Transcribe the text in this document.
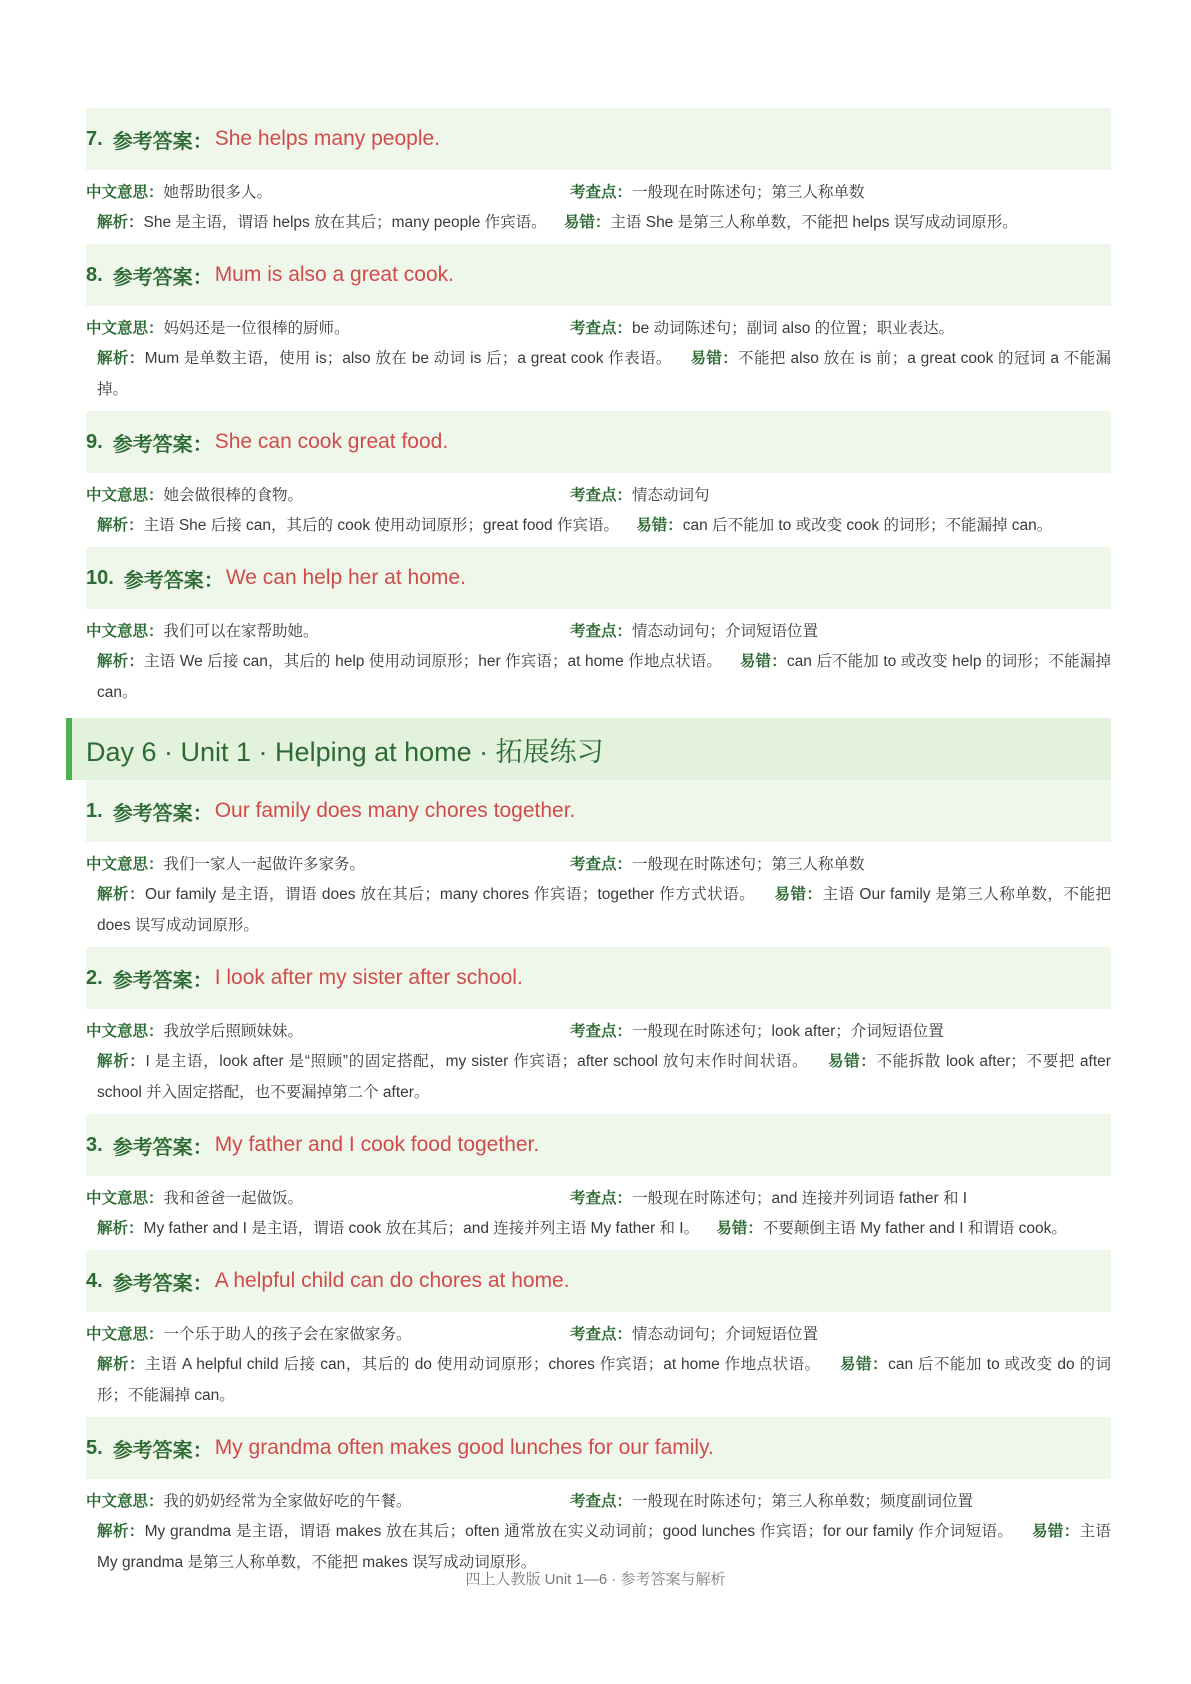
7. 参考答案 ： She helps many people.
中文意思：她帮助很多人。	考查点：一般现在时陈述句；第三人称单数
解析：She 是主语，谓语 helps 放在其后；many people 作宾语。 易错：主语 She 是第三人称单数，不能把 helps 误写成动词原形。
8. 参考答案 ： Mum is also a great cook.
中文意思：妈妈还是一位很棒的厨师。	考查点：be 动词陈述句；副词 also 的位置；职业表达。
解析：Mum 是单数主语，使用 is；also 放在 be 动词 is 后；a great cook 作表语。 易错：不能把 also 放在 is 前；a great cook 的冠词 a 不能漏掉。
9. 参考答案 ： She can cook great food.
中文意思：她会做很棒的食物。	考查点：情态动词句
解析：主语 She 后接 can，其后的 cook 使用动词原形；great food 作宾语。 易错：can 后不能加 to 或改变 cook 的词形；不能漏掉 can。
10. 参考答案 ： We can help her at home.
中文意思：我们可以在家帮助她。	考查点：情态动词句；介词短语位置
解析：主语 We 后接 can，其后的 help 使用动词原形；her 作宾语；at home 作地点状语。 易错：can 后不能加 to 或改变 help 的词形；不能漏掉 can。
Day 6 · Unit 1 · Helping at home · 拓展练习
1. 参考答案 ： Our family does many chores together.
中文意思：我们一家人一起做许多家务。	考查点：一般现在时陈述句；第三人称单数
解析：Our family 是主语，谓语 does 放在其后；many chores 作宾语；together 作方式状语。 易错：主语 Our family 是第三人称单数，不能把 does 误写成动词原形。
2. 参考答案 ： I look after my sister after school.
中文意思：我放学后照顾妹妹。	考查点：一般现在时陈述句；look after；介词短语位置
解析：I 是主语，look after 是“照顾”的固定搭配，my sister 作宾语；after school 放句末作时间状语。 易错：不能拆散 look after；不要把 after school 并入固定搭配，也不要漏掉第二个 after。
3. 参考答案 ： My father and I cook food together.
中文意思：我和爸爸一起做饭。	考查点：一般现在时陈述句；and 连接并列词语 father 和 I
解析：My father and I 是主语，谓语 cook 放在其后；and 连接并列主语 My father 和 I。 易错：不要颠倒主语 My father and I 和谓语 cook。
4. 参考答案 ： A helpful child can do chores at home.
中文意思：一个乐于助人的孩子会在家做家务。	考查点：情态动词句；介词短语位置
解析：主语 A helpful child 后接 can，其后的 do 使用动词原形；chores 作宾语；at home 作地点状语。 易错：can 后不能加 to 或改变 do 的词形；不能漏掉 can。
5. 参考答案 ： My grandma often makes good lunches for our family.
中文意思：我的奶奶经常为全家做好吃的午餐。	考查点：一般现在时陈述句；第三人称单数；频度副词位置
解析：My grandma 是主语，谓语 makes 放在其后；often 通常放在实义动词前；good lunches 作宾语；for our family 作介词短语。 易错：主语 My grandma 是第三人称单数，不能把 makes 误写成动词原形。
四上人教版 Unit 1—6 · 参考答案与解析
